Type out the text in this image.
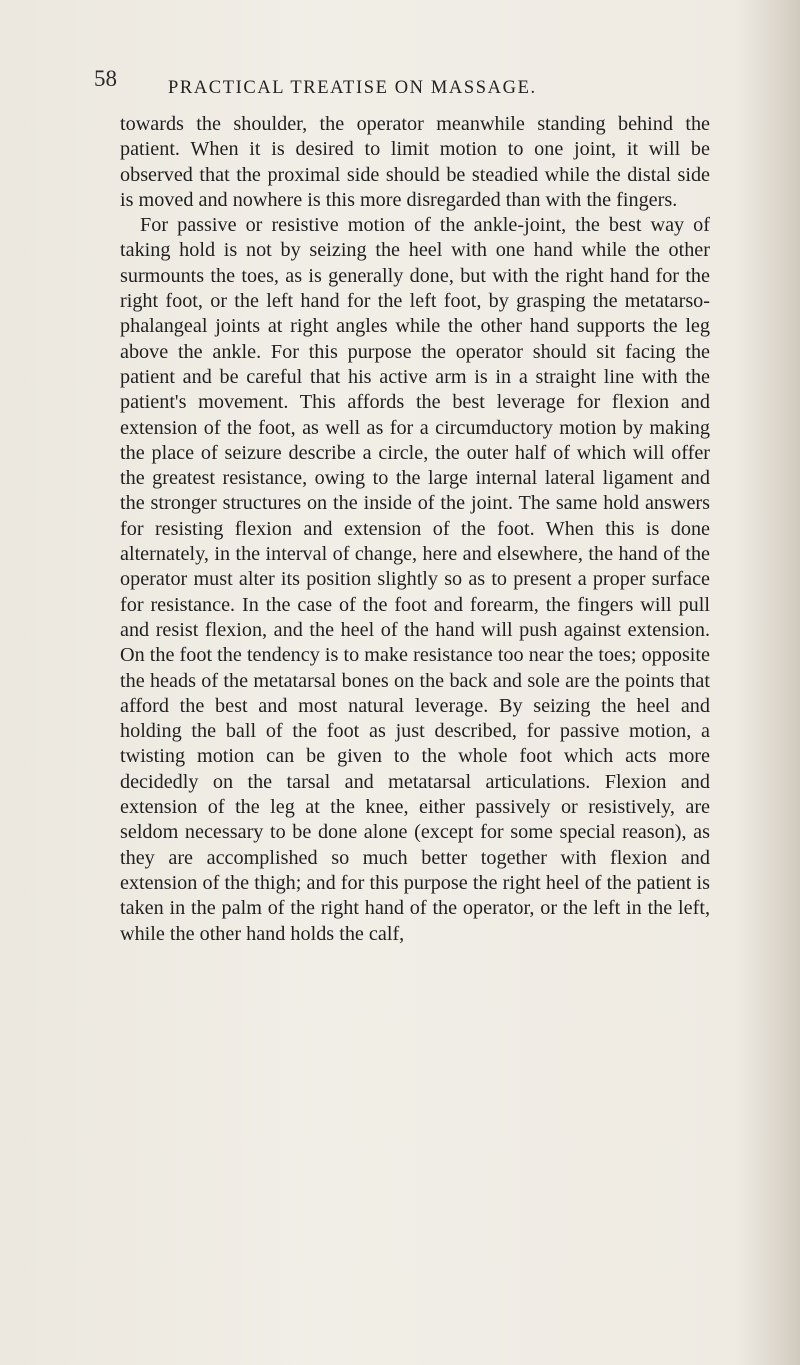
58	PRACTICAL TREATISE ON MASSAGE.

towards the shoulder, the operator meanwhile standing behind the patient. When it is desired to limit motion to one joint, it will be observed that the proximal side should be steadied while the distal side is moved and nowhere is this more disregarded than with the fingers.

For passive or resistive motion of the ankle-joint, the best way of taking hold is not by seizing the heel with one hand while the other surmounts the toes, as is generally done, but with the right hand for the right foot, or the left hand for the left foot, by grasping the metatarso-phalangeal joints at right angles while the other hand supports the leg above the ankle. For this purpose the operator should sit facing the patient and be careful that his active arm is in a straight line with the patient's movement. This affords the best leverage for flexion and extension of the foot, as well as for a circumductory motion by making the place of seizure describe a circle, the outer half of which will offer the greatest resistance, owing to the large internal lateral ligament and the stronger structures on the inside of the joint. The same hold answers for resisting flexion and extension of the foot. When this is done alternately, in the interval of change, here and elsewhere, the hand of the operator must alter its position slightly so as to present a proper surface for resistance. In the case of the foot and forearm, the fingers will pull and resist flexion, and the heel of the hand will push against extension. On the foot the tendency is to make resistance too near the toes; opposite the heads of the metatarsal bones on the back and sole are the points that afford the best and most natural leverage. By seizing the heel and holding the ball of the foot as just described, for passive motion, a twisting motion can be given to the whole foot which acts more decidedly on the tarsal and metatarsal articulations. Flexion and extension of the leg at the knee, either passively or resistively, are seldom necessary to be done alone (except for some special reason), as they are accomplished so much better together with flexion and extension of the thigh; and for this purpose the right heel of the patient is taken in the palm of the right hand of the operator, or the left in the left, while the other hand holds the calf,
